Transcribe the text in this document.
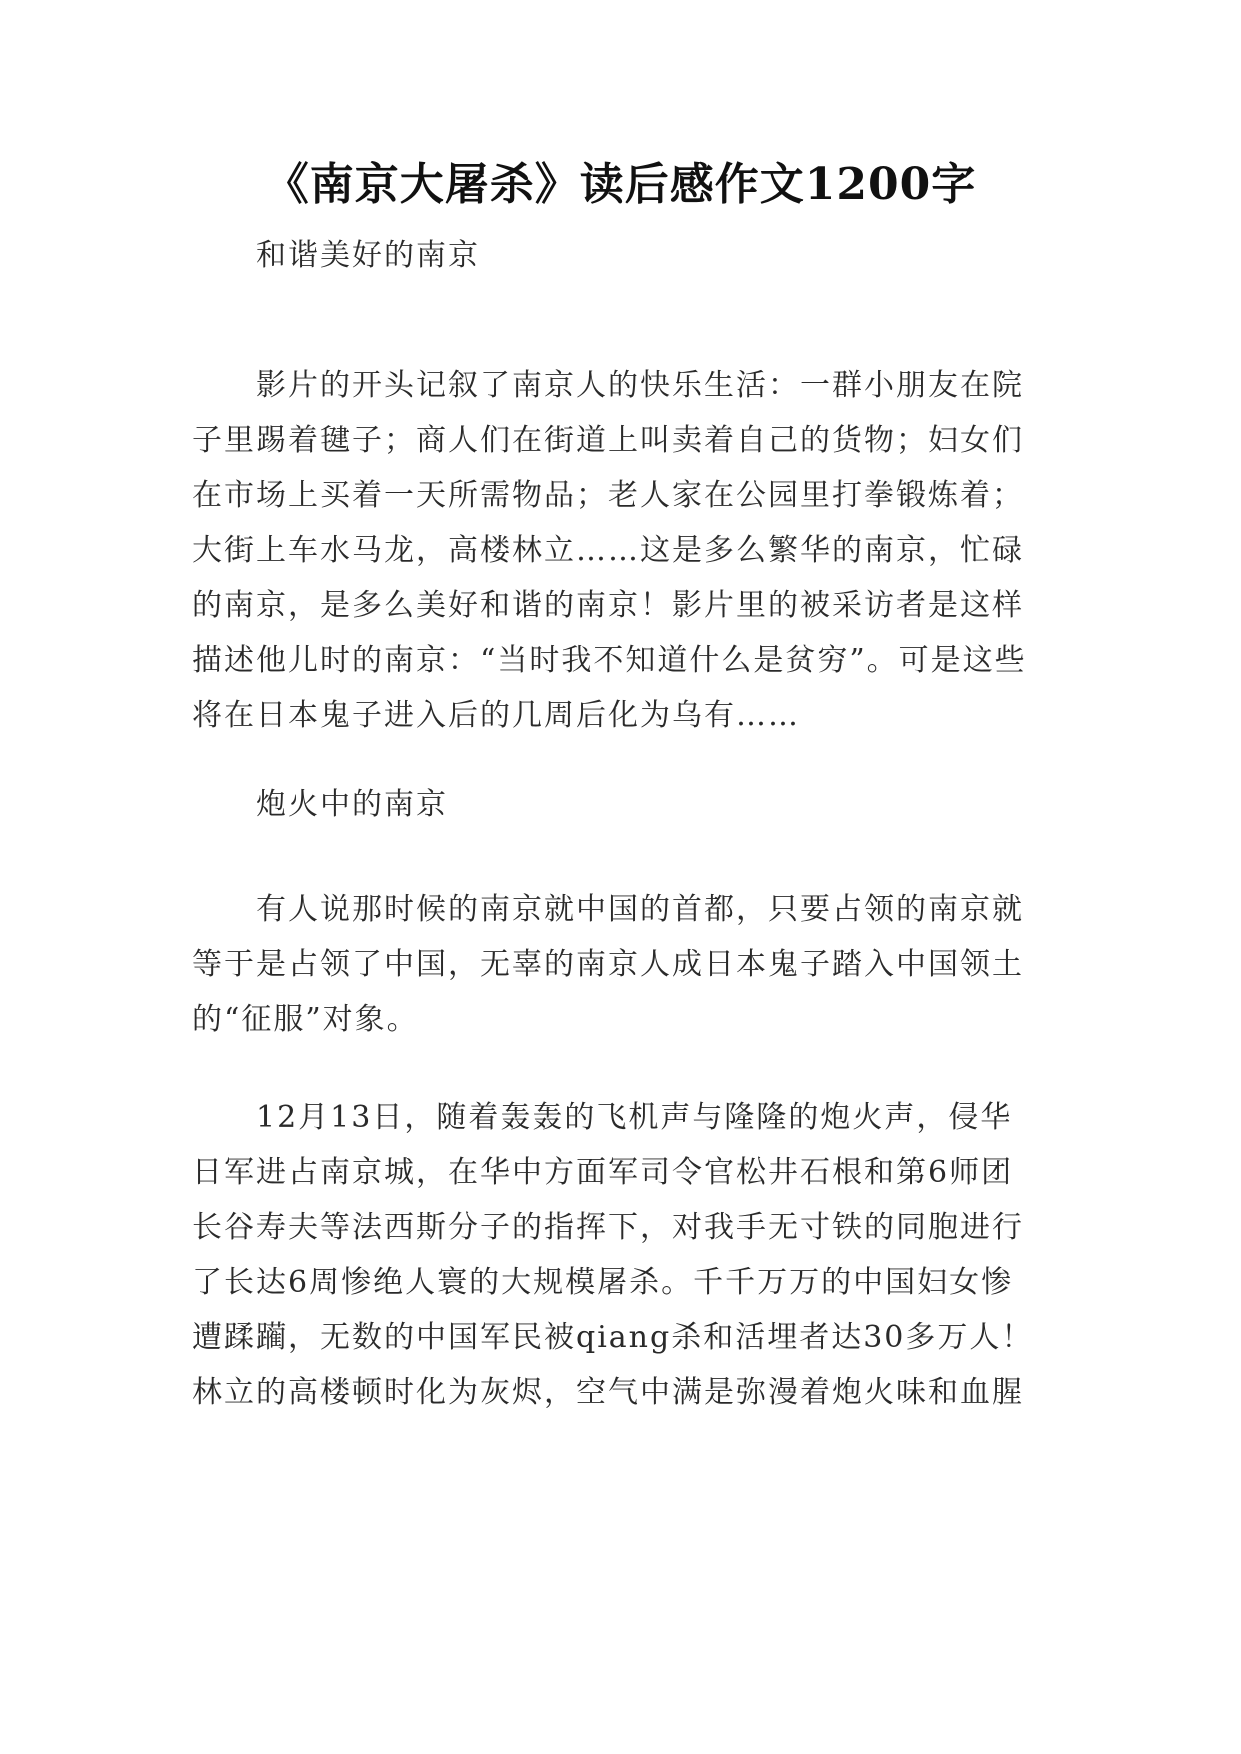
《南京大屠杀》读后感作文1200字
和谐美好的南京
影片的开头记叙了南京人的快乐生活：一群小朋友在院
子里踢着毽子；商人们在街道上叫卖着自己的货物；妇女们
在市场上买着一天所需物品；老人家在公园里打拳锻炼着；
大街上车水马龙，高楼林立……这是多么繁华的南京，忙碌
的南京，是多么美好和谐的南京！影片里的被采访者是这样
描述他儿时的南京：“当时我不知道什么是贫穷”。可是这些
将在日本鬼子进入后的几周后化为乌有……
炮火中的南京
有人说那时候的南京就中国的首都，只要占领的南京就
等于是占领了中国，无辜的南京人成日本鬼子踏入中国领土
的“征服”对象。
12月13日，随着轰轰的飞机声与隆隆的炮火声，侵华
日军进占南京城，在华中方面军司令官松井石根和第6师团
长谷寿夫等法西斯分子的指挥下，对我手无寸铁的同胞进行
了长达6周惨绝人寰的大规模屠杀。千千万万的中国妇女惨
遭蹂躏，无数的中国军民被qiang杀和活埋者达30多万人！
林立的高楼顿时化为灰烬，空气中满是弥漫着炮火味和血腥
